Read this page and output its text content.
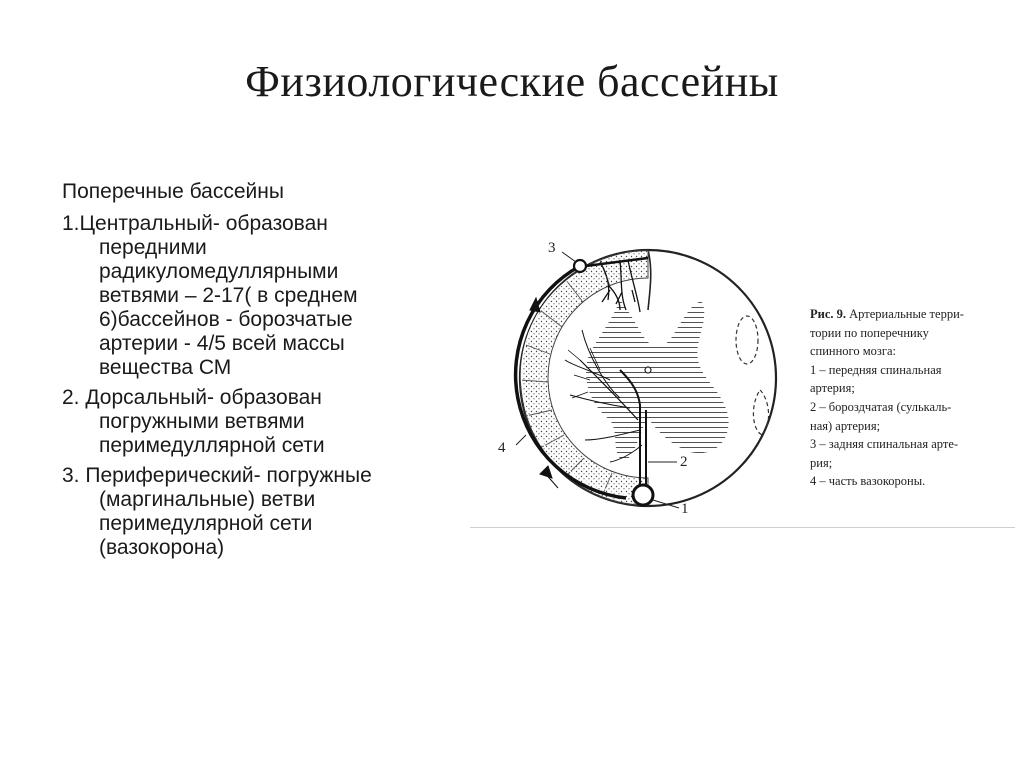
Физиологические бассейны
Поперечные бассейны
1.Центральный- образован
передними
радикуломедуллярными
ветвями – 2-17( в среднем
6)бассейнов - борозчатые
артерии - 4/5 всей массы
вещества СМ
2. Дорсальный- образован
погружными ветвями
перимедуллярной сети
3. Периферический- погружные
(маргинальные) ветви
перимедулярной сети
(вазокорона)
3
4
2
1
Рис. 9. Артериальные терри-
тории по поперечнику
спинного мозга:
1 – передняя спинальная
артерия;
2 – бороздчатая (сулькаль-
ная) артерия;
3 – задняя спинальная арте-
рия;
4 – часть вазокороны.
